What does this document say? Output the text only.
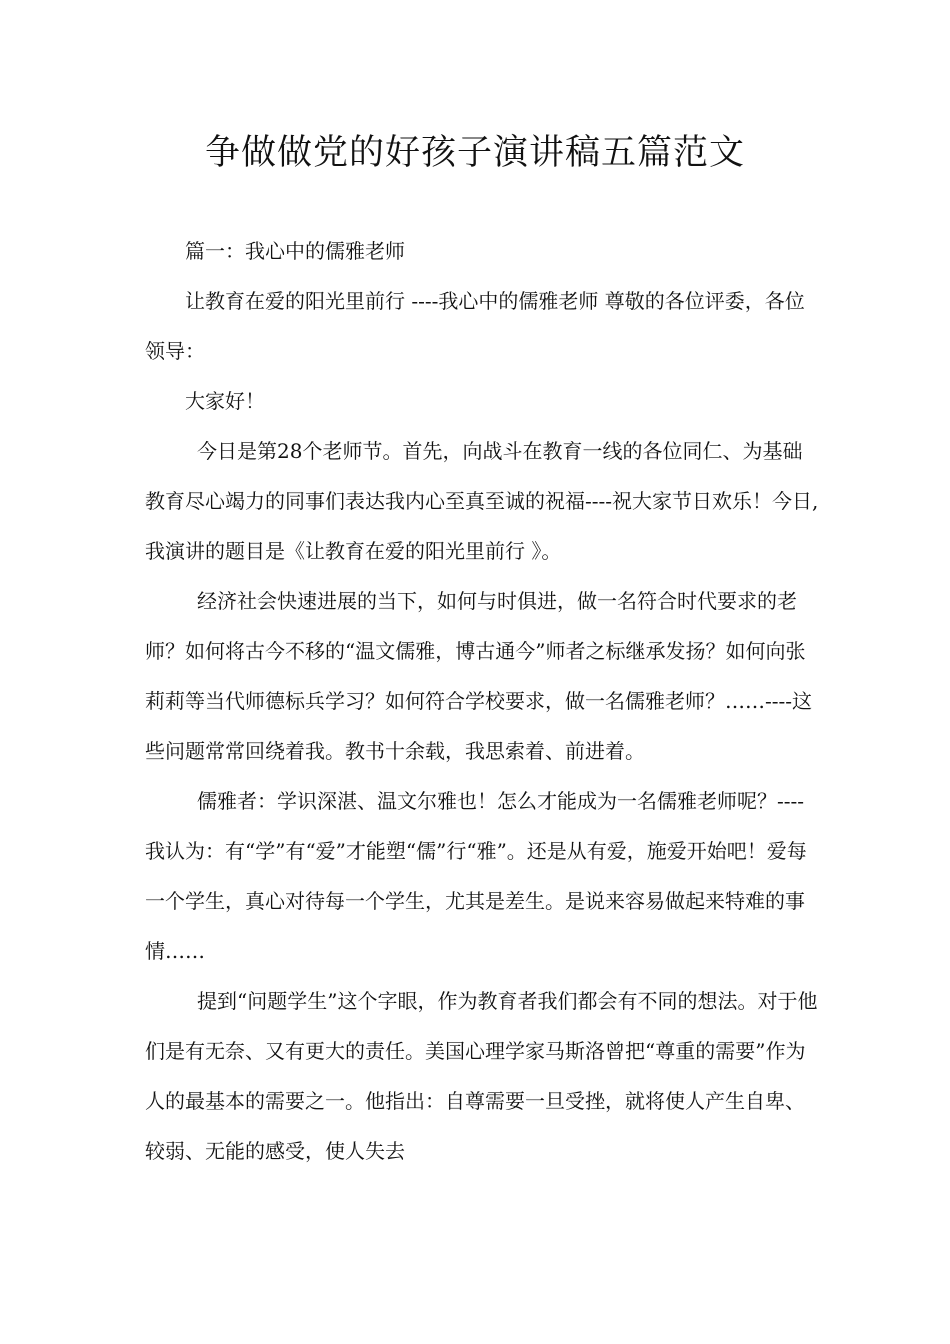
争做做党的好孩子演讲稿五篇范文

篇一：我心中的儒雅老师

让教育在爱的阳光里前行 ----我心中的儒雅老师 尊敬的各位评委，各位领导：

大家好！

今日是第28个老师节。首先，向战斗在教育一线的各位同仁、为基础教育尽心竭力的同事们表达我内心至真至诚的祝福----祝大家节日欢乐！今日,我演讲的题目是《让教育在爱的阳光里前行 》。

经济社会快速进展的当下，如何与时俱进，做一名符合时代要求的老师？如何将古今不移的“温文儒雅，博古通今”师者之标继承发扬？如何向张莉莉等当代师德标兵学习？如何符合学校要求，做一名儒雅老师？……----这些问题常常回绕着我。教书十余载，我思索着、前进着。

儒雅者：学识深湛、温文尔雅也！怎么才能成为一名儒雅老师呢？----我认为：有“学”有“爱”才能塑“儒”行“雅”。还是从有爱，施爱开始吧！爱每一个学生，真心对待每一个学生，尤其是差生。是说来容易做起来特难的事情……

提到“问题学生”这个字眼，作为教育者我们都会有不同的想法。对于他们是有无奈、又有更大的责任。美国心理学家马斯洛曾把“尊重的需要”作为人的最基本的需要之一。他指出：自尊需要一旦受挫，就将使人产生自卑、较弱、无能的感受，使人失去
